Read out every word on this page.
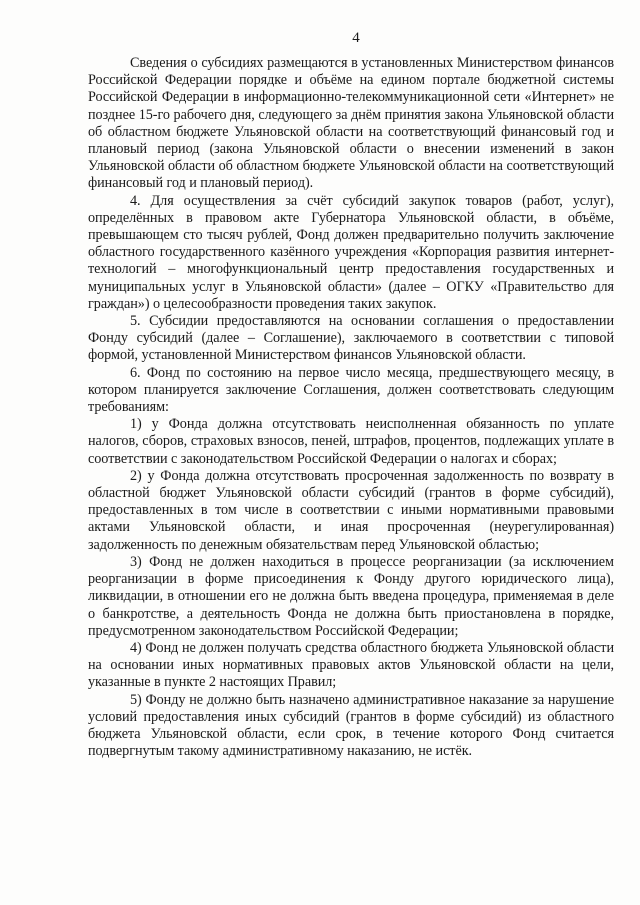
4

Сведения о субсидиях размещаются в установленных Министерством финансов Российской Федерации порядке и объёме на едином портале бюджетной системы Российской Федерации в информационно-телекоммуникационной сети «Интернет» не позднее 15-го рабочего дня, следующего за днём принятия закона Ульяновской области об областном бюджете Ульяновской области на соответствующий финансовый год и плановый период (закона Ульяновской области о внесении изменений в закон Ульяновской области об областном бюджете Ульяновской области на соответствующий финансовый год и плановый период).

4. Для осуществления за счёт субсидий закупок товаров (работ, услуг), определённых в правовом акте Губернатора Ульяновской области, в объёме, превышающем сто тысяч рублей, Фонд должен предварительно получить заключение областного государственного казённого учреждения «Корпорация развития интернет-технологий – многофункциональный центр предоставления государственных и муниципальных услуг в Ульяновской области» (далее – ОГКУ «Правительство для граждан») о целесообразности проведения таких закупок.

5. Субсидии предоставляются на основании соглашения о предоставлении Фонду субсидий (далее – Соглашение), заключаемого в соответствии с типовой формой, установленной Министерством финансов Ульяновской области.

6. Фонд по состоянию на первое число месяца, предшествующего месяцу, в котором планируется заключение Соглашения, должен соответствовать следующим требованиям:

1) у Фонда должна отсутствовать неисполненная обязанность по уплате налогов, сборов, страховых взносов, пеней, штрафов, процентов, подлежащих уплате в соответствии с законодательством Российской Федерации о налогах и сборах;

2) у Фонда должна отсутствовать просроченная задолженность по возврату в областной бюджет Ульяновской области субсидий (грантов в форме субсидий), предоставленных в том числе в соответствии с иными нормативными правовыми актами Ульяновской области, и иная просроченная (неурегулированная) задолженность по денежным обязательствам перед Ульяновской областью;

3) Фонд не должен находиться в процессе реорганизации (за исключением реорганизации в форме присоединения к Фонду другого юридического лица), ликвидации, в отношении его не должна быть введена процедура, применяемая в деле о банкротстве, а деятельность Фонда не должна быть приостановлена в порядке, предусмотренном законодательством Российской Федерации;

4) Фонд не должен получать средства областного бюджета Ульяновской области на основании иных нормативных правовых актов Ульяновской области на цели, указанные в пункте 2 настоящих Правил;

5) Фонду не должно быть назначено административное наказание за нарушение условий предоставления иных субсидий (грантов в форме субсидий) из областного бюджета Ульяновской области, если срок, в течение которого Фонд считается подвергнутым такому административному наказанию, не истёк.
